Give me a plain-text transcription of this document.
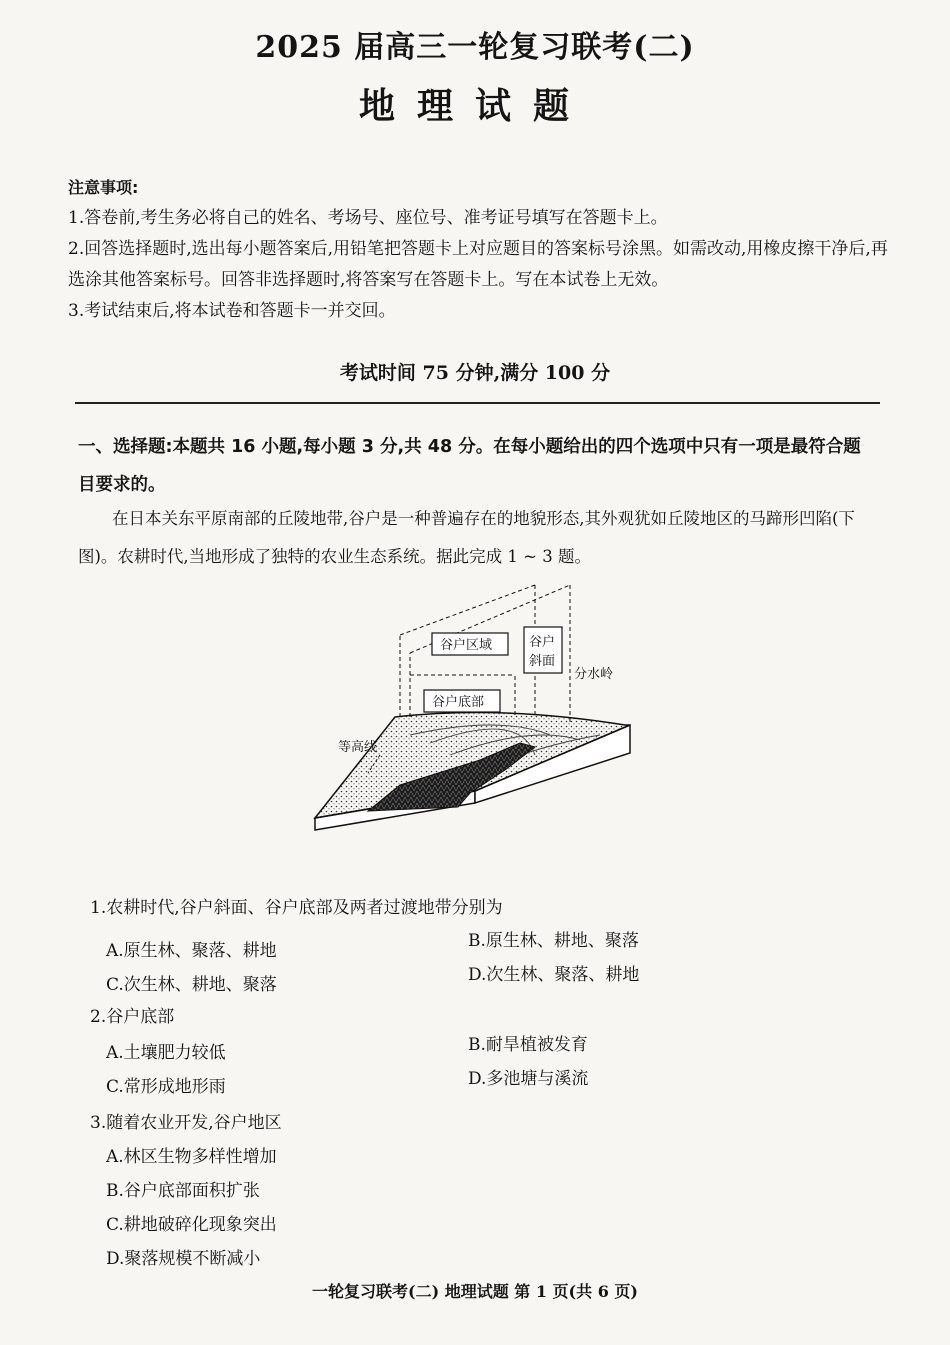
2025 届高三一轮复习联考(二)
地理试题
注意事项:

1.答卷前,考生务必将自己的姓名、考场号、座位号、准考证号填写在答题卡上。

2.回答选择题时,选出每小题答案后,用铅笔把答题卡上对应题目的答案标号涂黑。如需改动,用橡皮擦干净后,再选涂其他答案标号。回答非选择题时,将答案写在答题卡上。写在本试卷上无效。

3.考试结束后,将本试卷和答题卡一并交回。

考试时间 75 分钟,满分 100 分
一、选择题:本题共 16 小题,每小题 3 分,共 48 分。在每小题给出的四个选项中只有一项是最符合题目要求的。
在日本关东平原南部的丘陵地带,谷户是一种普遍存在的地貌形态,其外观犹如丘陵地区的马蹄形凹陷(下图)。农耕时代,当地形成了独特的农业生态系统。据此完成 1 ~ 3 题。
谷户区域	谷户
斜面
谷户底部
分水岭
等高线
1.农耕时代,谷户斜面、谷户底部及两者过渡地带分别为
A.原生林、聚落、耕地	B.原生林、耕地、聚落
C.次生林、耕地、聚落	D.次生林、聚落、耕地
2.谷户底部
A.土壤肥力较低	B.耐旱植被发育
C.常形成地形雨	D.多池塘与溪流
3.随着农业开发,谷户地区
A.林区生物多样性增加
B.谷户底部面积扩张
C.耕地破碎化现象突出
D.聚落规模不断减小
一轮复习联考(二) 地理试题 第 1 页(共 6 页)
